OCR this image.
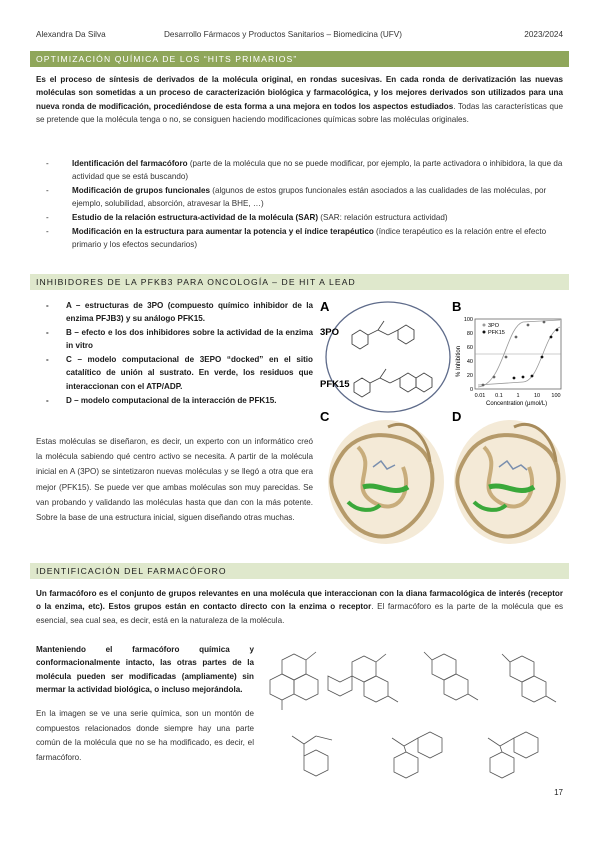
Alexandra Da Silva	Desarrollo Fármacos y Productos Sanitarios – Biomedicina (UFV)	2023/2024
OPTIMIZACIÓN QUÍMICA DE LOS “HITS PRIMARIOS”
Es el proceso de síntesis de derivados de la molécula original, en rondas sucesivas. En cada ronda de derivatización las nuevas moléculas son sometidas a un proceso de caracterización biológica y farmacológica, y los mejores derivados son utilizados para una nueva ronda de modificación, procediéndose de esta forma a una mejora en todos los aspectos estudiados. Todas las características que se pretende que la molécula tenga o no, se consiguen haciendo modificaciones químicas sobre las moléculas originales.
- Identificación del farmacóforo (parte de la molécula que no se puede modificar, por ejemplo, la parte activadora o inhibidora, la que da actividad que se está buscando)
- Modificación de grupos funcionales (algunos de estos grupos funcionales están asociados a las cualidades de las moléculas, por ejemplo, solubilidad, absorción, atravesar la BHE, …)
- Estudio de la relación estructura-actividad de la molécula (SAR) (SAR: relación estructura actividad)
- Modificación en la estructura para aumentar la potencia y el índice terapéutico (índice terapéutico es la relación entre el efecto primario y los efectos secundarios)
INHIBIDORES DE LA PFKB3 PARA ONCOLOGÍA – DE HIT A LEAD
- A – estructuras de 3PO (compuesto químico inhibidor de la enzima PFJB3) y su análogo PFK15.
- B – efecto e los dos inhibidores sobre la actividad de la enzima in vitro
- C – modelo computacional de 3EPO “docked” en el sitio catalítico de unión al sustrato. En verde, los residuos que interaccionan con el ATP/ADP.
- D – modelo computacional de la interacción de PFK15.
Estas moléculas se diseñaron, es decir, un experto con un informático creó la molécula sabiendo qué centro activo se necesita. A partir de la molécula inicial en A (3PO) se sintetizaron nuevas moléculas y se llegó a otra que era mejor (PFK15). Se puede ver que ambas moléculas son muy parecidas. Se van probando y validando las moléculas hasta que dan con la más potente. Sobre la base de una estructura inicial, siguen diseñando otras muchas.
A
3PO
PFK15
B
% Inhibition
Concentration (µmol/L)
0
20
40
60
80
100
0.01 0.1 1	10 100
3PO
PFK15
C	D
IDENTIFICACIÓN DEL FARMACÓFORO
Un farmacóforo es el conjunto de grupos relevantes en una molécula que interaccionan con la diana farmacológica de interés (receptor o la enzima, etc). Estos grupos están en contacto directo con la enzima o receptor. El farmacóforo es la parte de la molécula que es esencial, sea cual sea, es decir, está en la naturaleza de la molécula.
Manteniendo el farmacóforo química y conformacionalmente intacto, las otras partes de la molécula pueden ser modificadas (ampliamente) sin mermar la actividad biológica, o incluso mejorándola.
En la imagen se ve una serie química, son un montón de compuestos relacionados donde siempre hay una parte común de la molécula que no se ha modificado, es decir, el farmacóforo.
17
